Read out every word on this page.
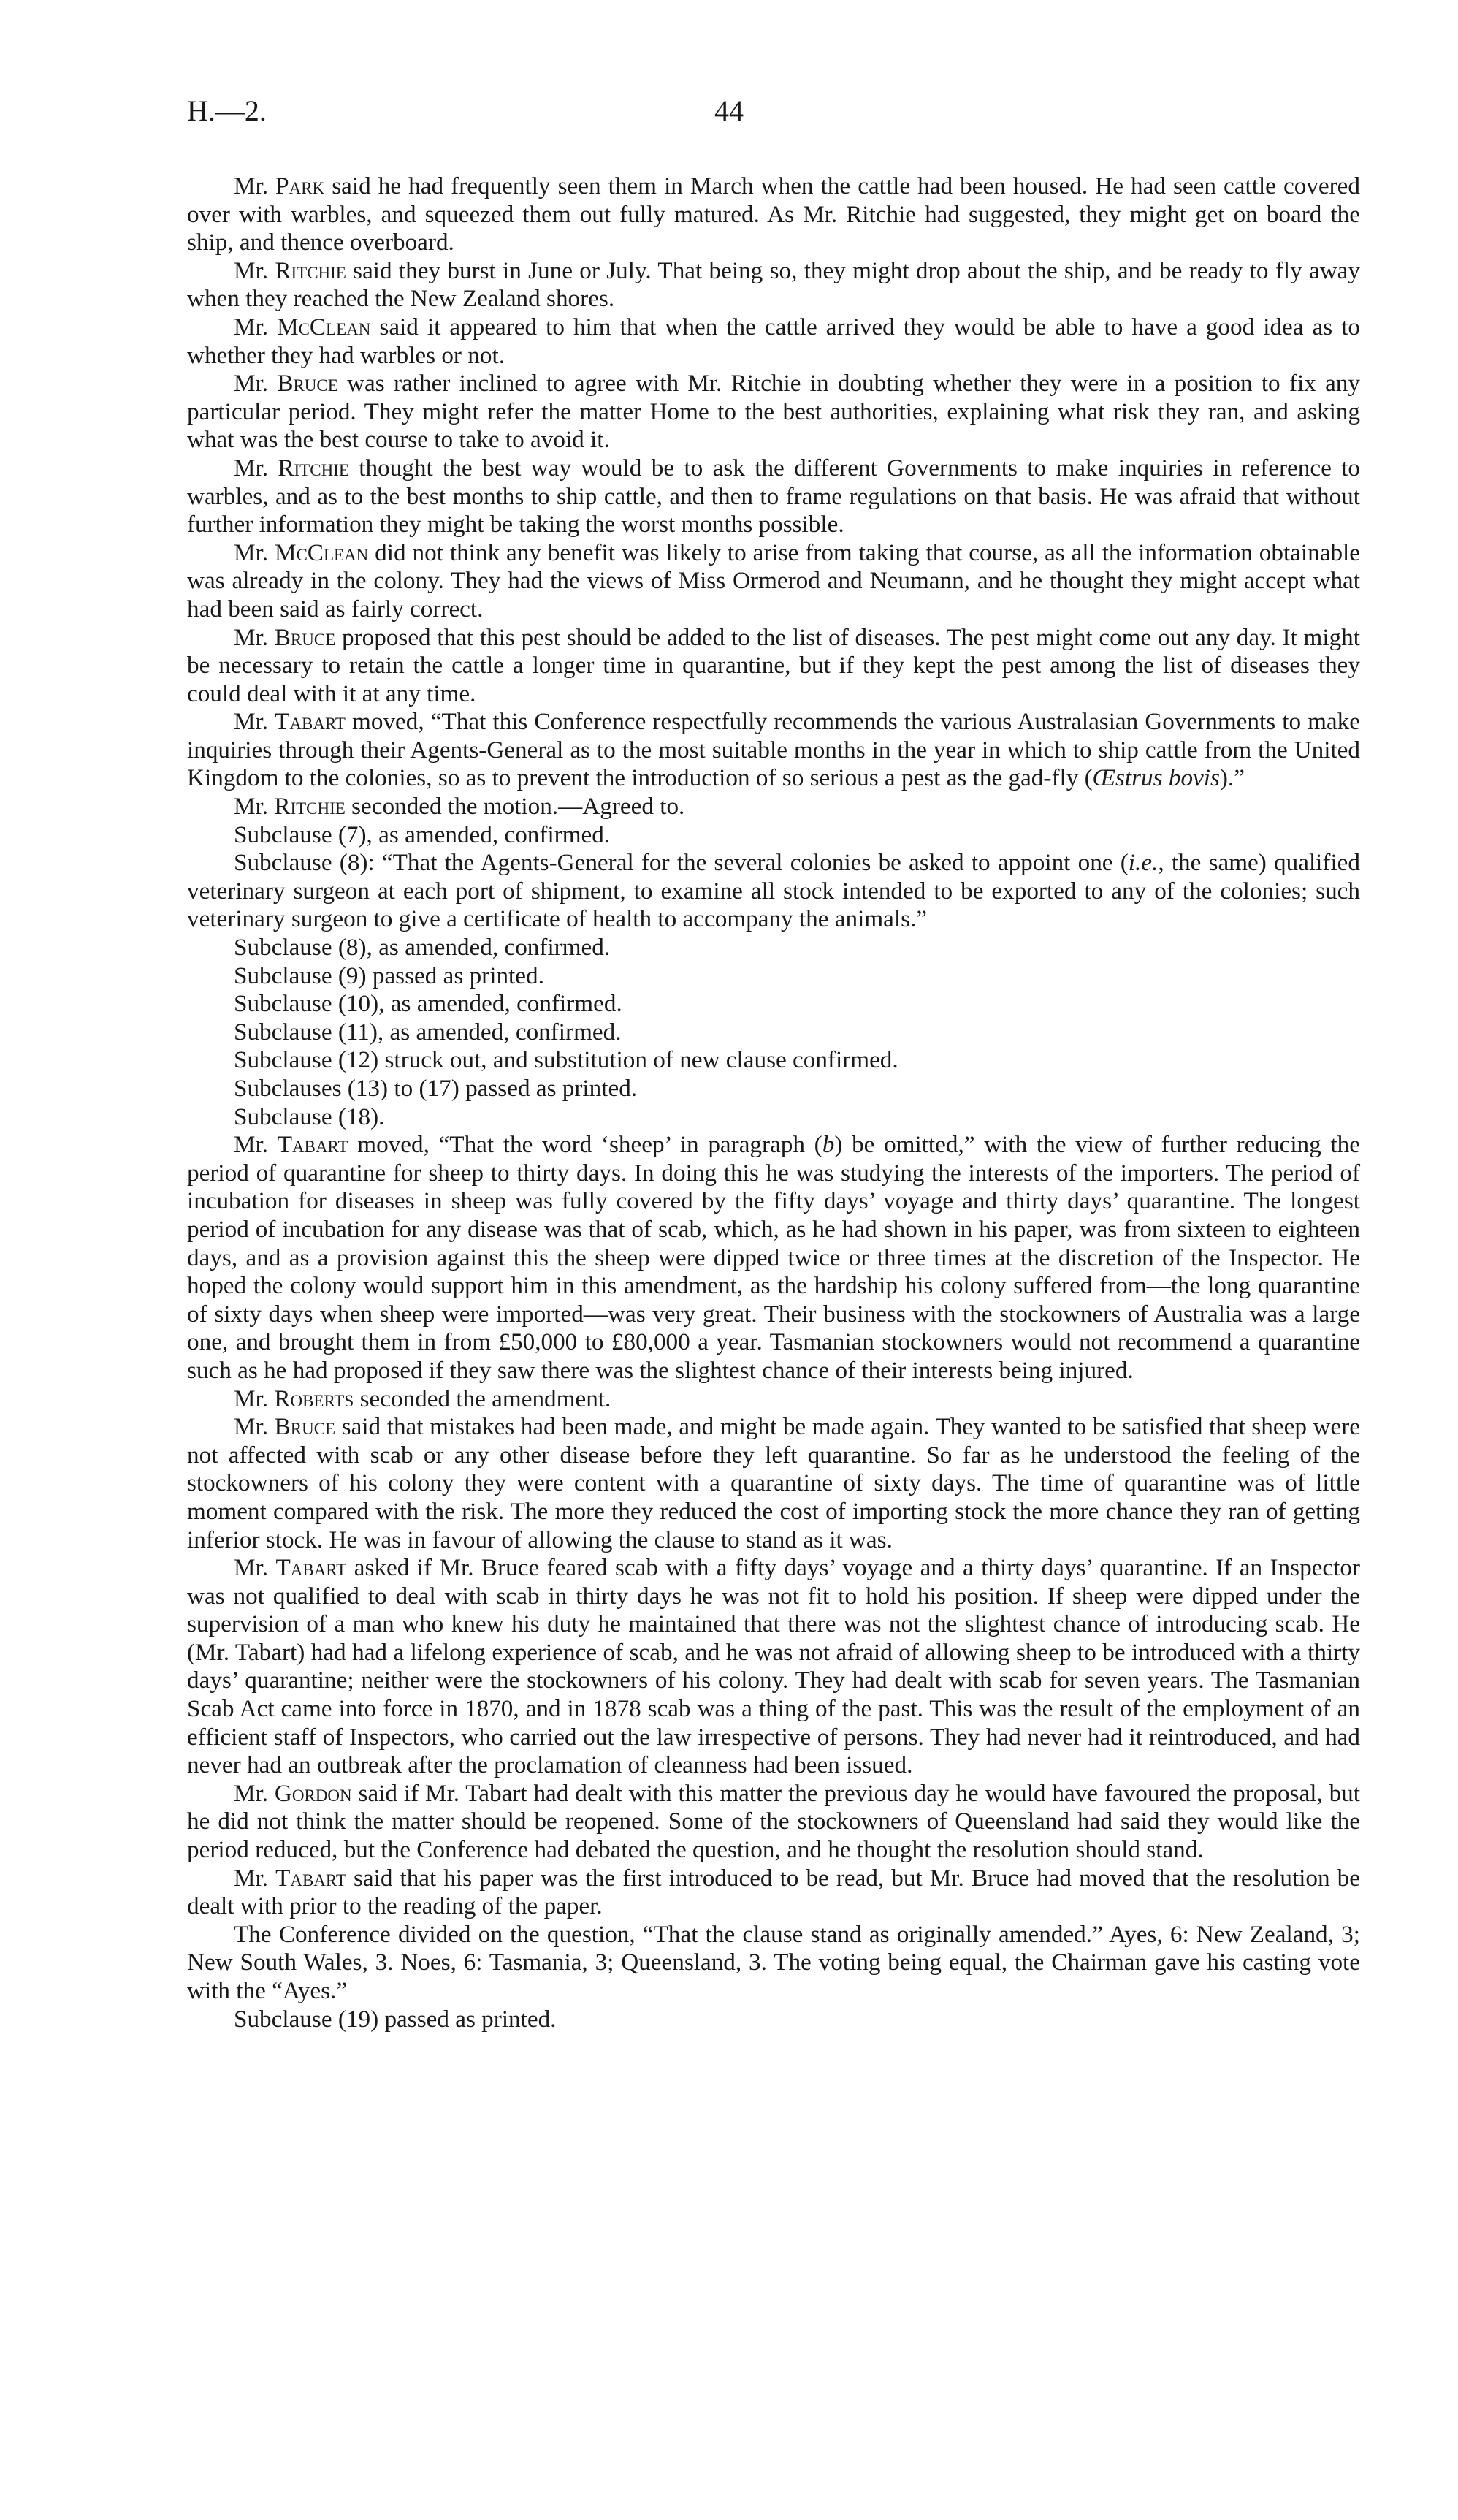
H.—2.	44

Mr. Park said he had frequently seen them in March when the cattle had been housed. He had seen cattle covered over with warbles, and squeezed them out fully matured. As Mr. Ritchie had suggested, they might get on board the ship, and thence overboard.

Mr. Ritchie said they burst in June or July. That being so, they might drop about the ship, and be ready to fly away when they reached the New Zealand shores.

Mr. McClean said it appeared to him that when the cattle arrived they would be able to have a good idea as to whether they had warbles or not.

Mr. Bruce was rather inclined to agree with Mr. Ritchie in doubting whether they were in a position to fix any particular period. They might refer the matter Home to the best authorities, explaining what risk they ran, and asking what was the best course to take to avoid it.

Mr. Ritchie thought the best way would be to ask the different Governments to make inquiries in reference to warbles, and as to the best months to ship cattle, and then to frame regulations on that basis. He was afraid that without further information they might be taking the worst months possible.

Mr. McClean did not think any benefit was likely to arise from taking that course, as all the information obtainable was already in the colony. They had the views of Miss Ormerod and Neumann, and he thought they might accept what had been said as fairly correct.

Mr. Bruce proposed that this pest should be added to the list of diseases. The pest might come out any day. It might be necessary to retain the cattle a longer time in quarantine, but if they kept the pest among the list of diseases they could deal with it at any time.

Mr. Tabart moved, “That this Conference respectfully recommends the various Australasian Governments to make inquiries through their Agents-General as to the most suitable months in the year in which to ship cattle from the United Kingdom to the colonies, so as to prevent the introduction of so serious a pest as the gad-fly (Œstrus bovis).”

Mr. Ritchie seconded the motion.—Agreed to.

Subclause (7), as amended, confirmed.

Subclause (8): “That the Agents-General for the several colonies be asked to appoint one (i.e., the same) qualified veterinary surgeon at each port of shipment, to examine all stock intended to be exported to any of the colonies; such veterinary surgeon to give a certificate of health to accompany the animals.”

Subclause (8), as amended, confirmed.

Subclause (9) passed as printed.

Subclause (10), as amended, confirmed.

Subclause (11), as amended, confirmed.

Subclause (12) struck out, and substitution of new clause confirmed.

Subclauses (13) to (17) passed as printed.

Subclause (18).

Mr. Tabart moved, “That the word ‘sheep’ in paragraph (b) be omitted,” with the view of further reducing the period of quarantine for sheep to thirty days. In doing this he was studying the interests of the importers. The period of incubation for diseases in sheep was fully covered by the fifty days’ voyage and thirty days’ quarantine. The longest period of incubation for any disease was that of scab, which, as he had shown in his paper, was from sixteen to eighteen days, and as a provision against this the sheep were dipped twice or three times at the discretion of the Inspector. He hoped the colony would support him in this amendment, as the hardship his colony suffered from—the long quarantine of sixty days when sheep were imported—was very great. Their business with the stockowners of Australia was a large one, and brought them in from £50,000 to £80,000 a year. Tasmanian stockowners would not recommend a quarantine such as he had proposed if they saw there was the slightest chance of their interests being injured.

Mr. Roberts seconded the amendment.

Mr. Bruce said that mistakes had been made, and might be made again. They wanted to be satisfied that sheep were not affected with scab or any other disease before they left quarantine. So far as he understood the feeling of the stockowners of his colony they were content with a quarantine of sixty days. The time of quarantine was of little moment compared with the risk. The more they reduced the cost of importing stock the more chance they ran of getting inferior stock. He was in favour of allowing the clause to stand as it was.

Mr. Tabart asked if Mr. Bruce feared scab with a fifty days’ voyage and a thirty days’ quarantine. If an Inspector was not qualified to deal with scab in thirty days he was not fit to hold his position. If sheep were dipped under the supervision of a man who knew his duty he maintained that there was not the slightest chance of introducing scab. He (Mr. Tabart) had had a lifelong experience of scab, and he was not afraid of allowing sheep to be introduced with a thirty days’ quarantine; neither were the stockowners of his colony. They had dealt with scab for seven years. The Tasmanian Scab Act came into force in 1870, and in 1878 scab was a thing of the past. This was the result of the employment of an efficient staff of Inspectors, who carried out the law irrespective of persons. They had never had it reintroduced, and had never had an outbreak after the proclamation of cleanness had been issued.

Mr. Gordon said if Mr. Tabart had dealt with this matter the previous day he would have favoured the proposal, but he did not think the matter should be reopened. Some of the stockowners of Queensland had said they would like the period reduced, but the Conference had debated the question, and he thought the resolution should stand.

Mr. Tabart said that his paper was the first introduced to be read, but Mr. Bruce had moved that the resolution be dealt with prior to the reading of the paper.

The Conference divided on the question, “That the clause stand as originally amended.” Ayes, 6: New Zealand, 3; New South Wales, 3. Noes, 6: Tasmania, 3; Queensland, 3. The voting being equal, the Chairman gave his casting vote with the “Ayes.”

Subclause (19) passed as printed.
